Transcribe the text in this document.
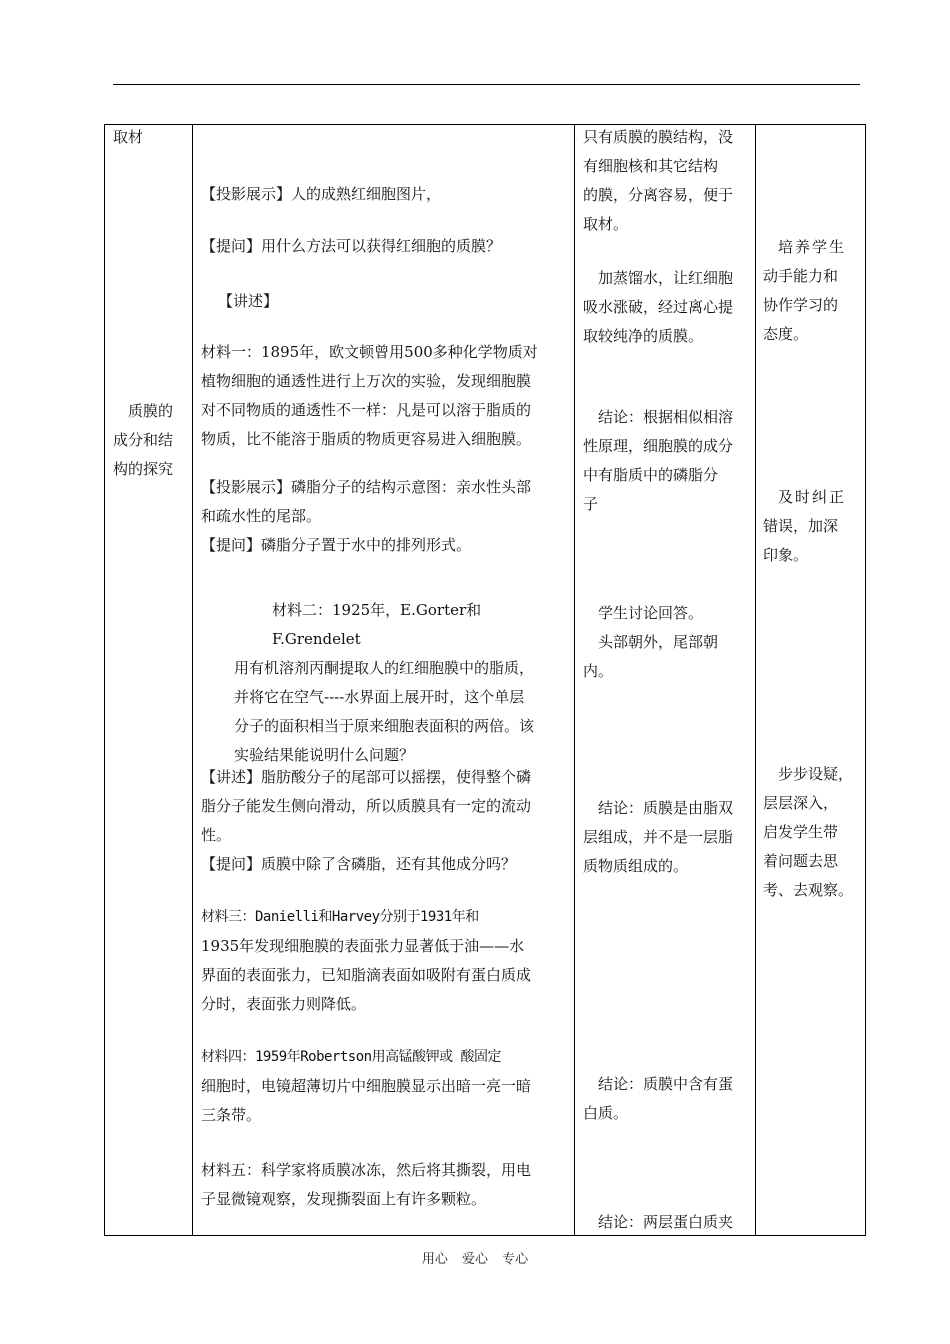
取材

质膜的

成分和结

构的探究

【投影展示】人的成熟红细胞图片，

【提问】用什么方法可以获得红细胞的质膜？

【讲述】

材料一：1895年，欧文顿曾用500多种化学物质对

植物细胞的通透性进行上万次的实验，发现细胞膜

对不同物质的通透性不一样：凡是可以溶于脂质的

物质，比不能溶于脂质的物质更容易进入细胞膜。

【投影展示】磷脂分子的结构示意图：亲水性头部

和疏水性的尾部。

【提问】磷脂分子置于水中的排列形式。

材料二：1925年，E.Gorter和F.Grendelet

用有机溶剂丙酮提取人的红细胞膜中的脂质，

并将它在空气----水界面上展开时，这个单层

分子的面积相当于原来细胞表面积的两倍。该

实验结果能说明什么问题？

【讲述】脂肪酸分子的尾部可以摇摆，使得整个磷

脂分子能发生侧向滑动，所以质膜具有一定的流动

性。

【提问】质膜中除了含磷脂，还有其他成分吗？

材料三：Danielli和Harvey分别于1931年和

1935年发现细胞膜的表面张力显著低于油——水

界面的表面张力，已知脂滴表面如吸附有蛋白质成

分时，表面张力则降低。

材料四：1959年Robertson用高锰酸钾或 酸固定

细胞时，电镜超薄切片中细胞膜显示出暗一亮一暗

三条带。

材料五：科学家将质膜冰冻，然后将其撕裂，用电

子显微镜观察，发现撕裂面上有许多颗粒。

只有质膜的膜结构，没

有细胞核和其它结构

的膜，分离容易，便于

取材。

加蒸馏水，让红细胞

吸水涨破，经过离心提

取较纯净的质膜。

结论：根据相似相溶

性原理，细胞膜的成分

中有脂质中的磷脂分

子

学生讨论回答。

头部朝外，尾部朝

内。

结论：质膜是由脂双

层组成，并不是一层脂

质物质组成的。

结论：质膜中含有蛋

白质。

结论：两层蛋白质夹

培养学生

动手能力和

协作学习的

态度。

及时纠正

错误，加深

印象。

步步设疑，

层层深入，

启发学生带

着问题去思

考、去观察。

用心 爱心 专心
